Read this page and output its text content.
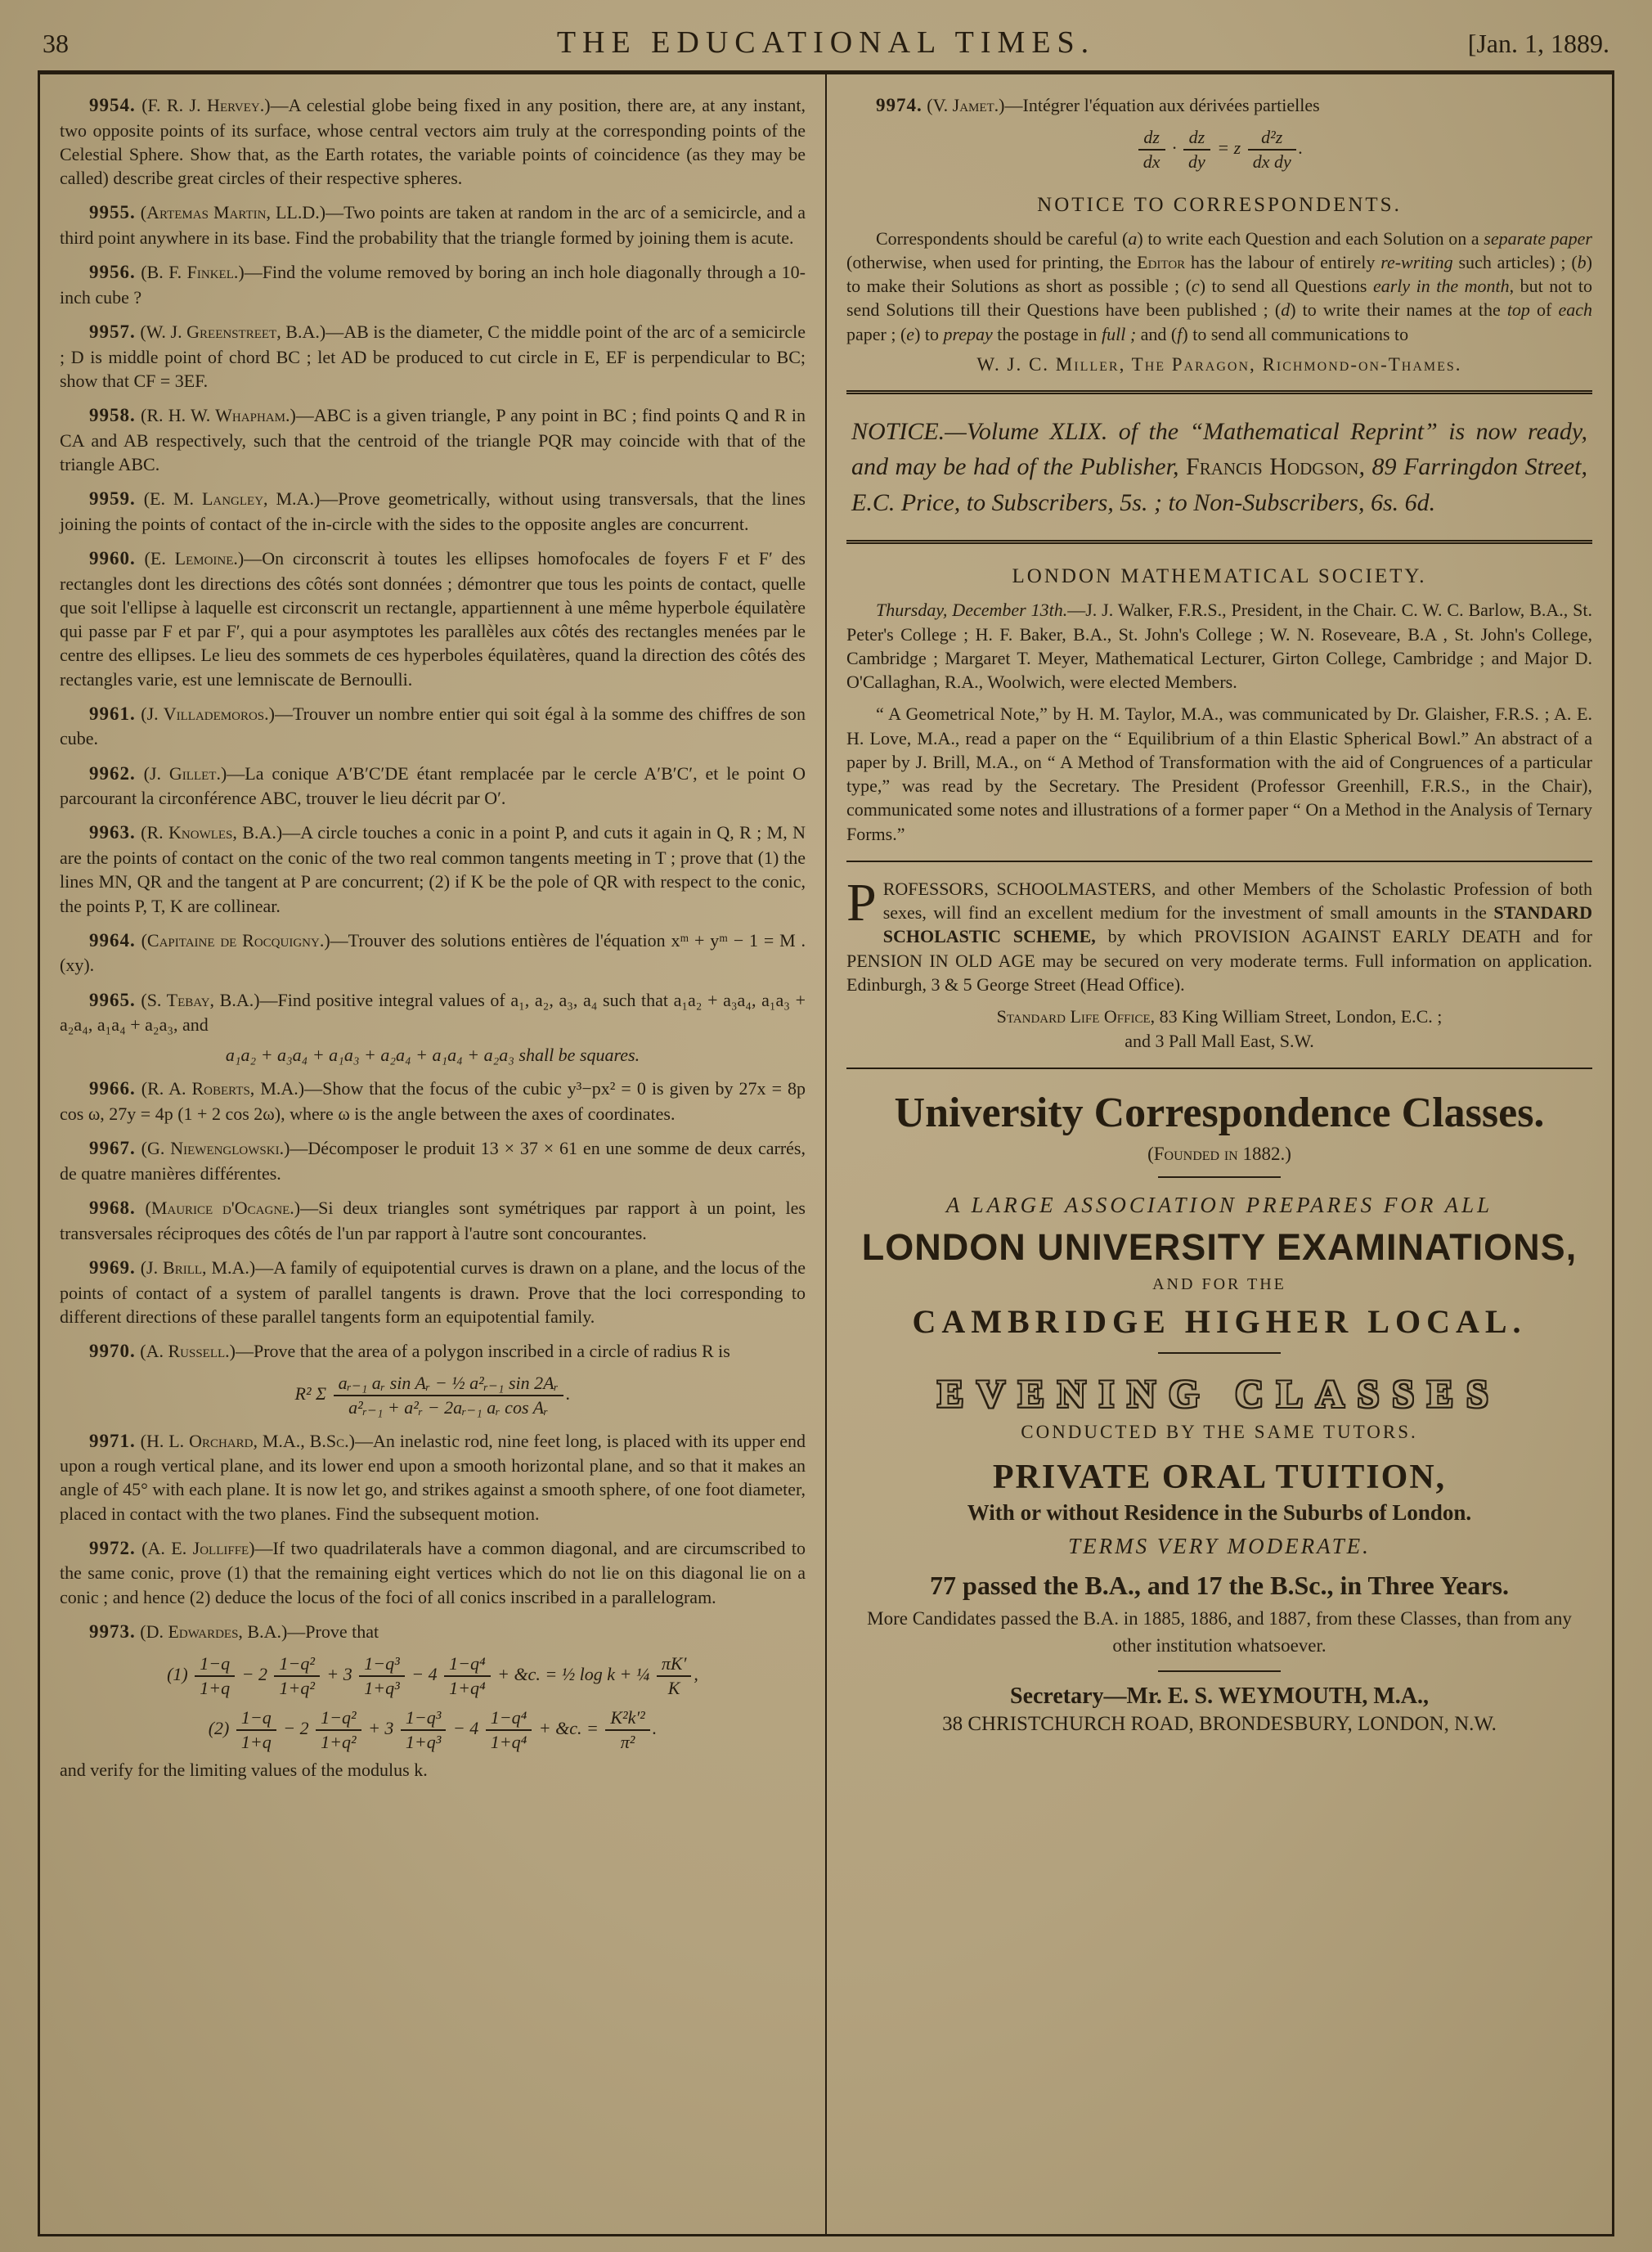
38	THE EDUCATIONAL TIMES.	[Jan. 1, 1889.

9954. (F. R. J. Hervey.)—A celestial globe being fixed in any position, there are, at any instant, two opposite points of its surface, whose central vectors aim truly at the corresponding points of the Celestial Sphere. Show that, as the Earth rotates, the variable points of coincidence (as they may be called) describe great circles of their respective spheres.

9955. (Artemas Martin, LL.D.)—Two points are taken at random in the arc of a semicircle, and a third point anywhere in its base. Find the probability that the triangle formed by joining them is acute.

9956. (B. F. Finkel.)—Find the volume removed by boring an inch hole diagonally through a 10-inch cube ?

9957. (W. J. Greenstreet, B.A.)—AB is the diameter, C the middle point of the arc of a semicircle ; D is middle point of chord BC ; let AD be produced to cut circle in E, EF is perpendicular to BC; show that CF = 3EF.

9958. (R. H. W. Whapham.)—ABC is a given triangle, P any point in BC ; find points Q and R in CA and AB respectively, such that the centroid of the triangle PQR may coincide with that of the triangle ABC.

9959. (E. M. Langley, M.A.)—Prove geometrically, without using transversals, that the lines joining the points of contact of the in-circle with the sides to the opposite angles are concurrent.

9960. (E. Lemoine.)—On circonscrit à toutes les ellipses homofocales de foyers F et F′ des rectangles dont les directions des côtés sont données ; démontrer que tous les points de contact, quelle que soit l'ellipse à laquelle est circonscrit un rectangle, appartiennent à une même hyperbole équilatère qui passe par F et par F′, qui a pour asymptotes les parallèles aux côtés des rectangles menées par le centre des ellipses. Le lieu des sommets de ces hyperboles équilatères, quand la direction des côtés des rectangles varie, est une lemniscate de Bernoulli.

9961. (J. Villademoros.)—Trouver un nombre entier qui soit égal à la somme des chiffres de son cube.

9962. (J. Gillet.)—La conique A′B′C′DE étant remplacée par le cercle A′B′C′, et le point O parcourant la circonférence ABC, trouver le lieu décrit par O′.

9963. (R. Knowles, B.A.)—A circle touches a conic in a point P, and cuts it again in Q, R ; M, N are the points of contact on the conic of the two real common tangents meeting in T ; prove that (1) the lines MN, QR and the tangent at P are concurrent; (2) if K be the pole of QR with respect to the conic, the points P, T, K are collinear.

9964. (Capitaine de Rocquigny.)—Trouver des solutions entières de l'équation xᵐ + yᵐ − 1 = M . (xy).

9965. (S. Tebay, B.A.)—Find positive integral values of a₁, a₂, a₃, a₄ such that a₁a₂ + a₃a₄, a₁a₃ + a₂a₄, a₁a₄ + a₂a₃, and

a₁a₂ + a₃a₄ + a₁a₃ + a₂a₄ + a₁a₄ + a₂a₃ shall be squares.

9966. (R. A. Roberts, M.A.)—Show that the focus of the cubic y³−px² = 0 is given by 27x = 8p cos ω, 27y = 4p (1 + 2 cos 2ω), where ω is the angle between the axes of coordinates.

9967. (G. Niewenglowski.)—Décomposer le produit 13 × 37 × 61 en une somme de deux carrés, de quatre manières différentes.

9968. (Maurice d'Ocagne.)—Si deux triangles sont symétriques par rapport à un point, les transversales réciproques des côtés de l'un par rapport à l'autre sont concourantes.

9969. (J. Brill, M.A.)—A family of equipotential curves is drawn on a plane, and the locus of the points of contact of a system of parallel tangents is drawn. Prove that the loci corresponding to different directions of these parallel tangents form an equipotential family.

9970. (A. Russell.)—Prove that the area of a polygon inscribed in a circle of radius R is

R² Σ $\frac{\text{aᵣ₋₁ aᵣ sin Aᵣ − ½ a²ᵣ₋₁ sin 2Aᵣ}}{\text{a²ᵣ₋₁ + a²ᵣ − 2aᵣ₋₁ aᵣ cos Aᵣ}}$ .

9971. (H. L. Orchard, M.A., B.Sc.)—An inelastic rod, nine feet long, is placed with its upper end upon a rough vertical plane, and its lower end upon a smooth horizontal plane, and so that it makes an angle of 45° with each plane. It is now let go, and strikes against a smooth sphere, of one foot diameter, placed in contact with the two planes. Find the subsequent motion.

9972. (A. E. Jolliffe)—If two quadrilaterals have a common diagonal, and are circumscribed to the same conic, prove (1) that the remaining eight vertices which do not lie on this diagonal lie on a conic ; and hence (2) deduce the locus of the foci of all conics inscribed in a parallelogram.

9973. (D. Edwardes, B.A.)—Prove that

$(1) \frac{1-q}{1+q} - 2 \frac{\text{1−q²}}{\text{1+q²}} + 3 \frac{\text{1−q³}}{\text{1+q³}} - 4 \frac{\text{1−q⁴}}{\text{1+q⁴}}$ + &c. = ½ log k + ¼ $\frac{\pi K'}{K}$ ,
$(2) \frac{1-q}{1+q} - 2 \frac{\text{1−q²}}{\text{1+q²}} + 3 \frac{\text{1−q³}}{\text{1+q³}} - 4 \frac{\text{1−q⁴}}{\text{1+q⁴}}$ + &c. = $\frac{\text{K²k′²}}{\text{π²}}$ .

and verify for the limiting values of the modulus k.

9974. (V. Jamet.)—Intégrer l'équation aux dérivées partielles

$\frac{dz}{dx} \cdot \frac{dz}{dy} = z \frac{\text{d²z}}{\text{dx dy}}$ .
NOTICE TO CORRESPONDENTS.

Correspondents should be careful (a) to write each Question and each Solution on a separate paper (otherwise, when used for printing, the Editor has the labour of entirely re-writing such articles) ; (b) to make their Solutions as short as possible ; (c) to send all Questions early in the month, but not to send Solutions till their Questions have been published ; (d) to write their names at the top of each paper ; (e) to prepay the postage in full ; and (f) to send all communications to

W. J. C. Miller, The Paragon, Richmond-on-Thames.

NOTICE.—Volume XLIX. of the “Mathematical Reprint” is now ready, and may be had of the Publisher, Francis Hodgson, 89 Farringdon Street, E.C. Price, to Subscribers, 5s. ; to Non-Subscribers, 6s. 6d.

LONDON MATHEMATICAL SOCIETY.

Thursday, December 13th.—J. J. Walker, F.R.S., President, in the Chair. C. W. C. Barlow, B.A., St. Peter's College ; H. F. Baker, B.A., St. John's College ; W. N. Roseveare, B.A , St. John's College, Cambridge ; Margaret T. Meyer, Mathematical Lecturer, Girton College, Cambridge ; and Major D. O'Callaghan, R.A., Woolwich, were elected Members.

“ A Geometrical Note,” by H. M. Taylor, M.A., was communicated by Dr. Glaisher, F.R.S. ; A. E. H. Love, M.A., read a paper on the “ Equilibrium of a thin Elastic Spherical Bowl.” An abstract of a paper by J. Brill, M.A., on “ A Method of Transformation with the aid of Congruences of a particular type,” was read by the Secretary. The President (Professor Greenhill, F.R.S., in the Chair), communicated some notes and illustrations of a former paper “ On a Method in the Analysis of Ternary Forms.”

PROFESSORS, SCHOOLMASTERS, and other Members of the Scholastic Profession of both sexes, will find an excellent medium for the investment of small amounts in the STANDARD SCHOLASTIC SCHEME, by which PROVISION AGAINST EARLY DEATH and for PENSION IN OLD AGE may be secured on very moderate terms. Full information on application. Edinburgh, 3 & 5 George Street (Head Office).

Standard Life Office, 83 King William Street, London, E.C. ;

and 3 Pall Mall East, S.W.

University Correspondence Classes.

(Founded in 1882.)

A LARGE ASSOCIATION PREPARES FOR ALL

LONDON UNIVERSITY EXAMINATIONS,

AND FOR THE

CAMBRIDGE HIGHER LOCAL.
EVENING CLASSES

CONDUCTED BY THE SAME TUTORS.

PRIVATE ORAL TUITION,

With or without Residence in the Suburbs of London.

TERMS VERY MODERATE.

77 passed the B.A., and 17 the B.Sc., in Three Years.

More Candidates passed the B.A. in 1885, 1886, and 1887, from these Classes, than from any other institution whatsoever.

Secretary—Mr. E. S. WEYMOUTH, M.A.,

38 CHRISTCHURCH ROAD, BRONDESBURY, LONDON, N.W.
